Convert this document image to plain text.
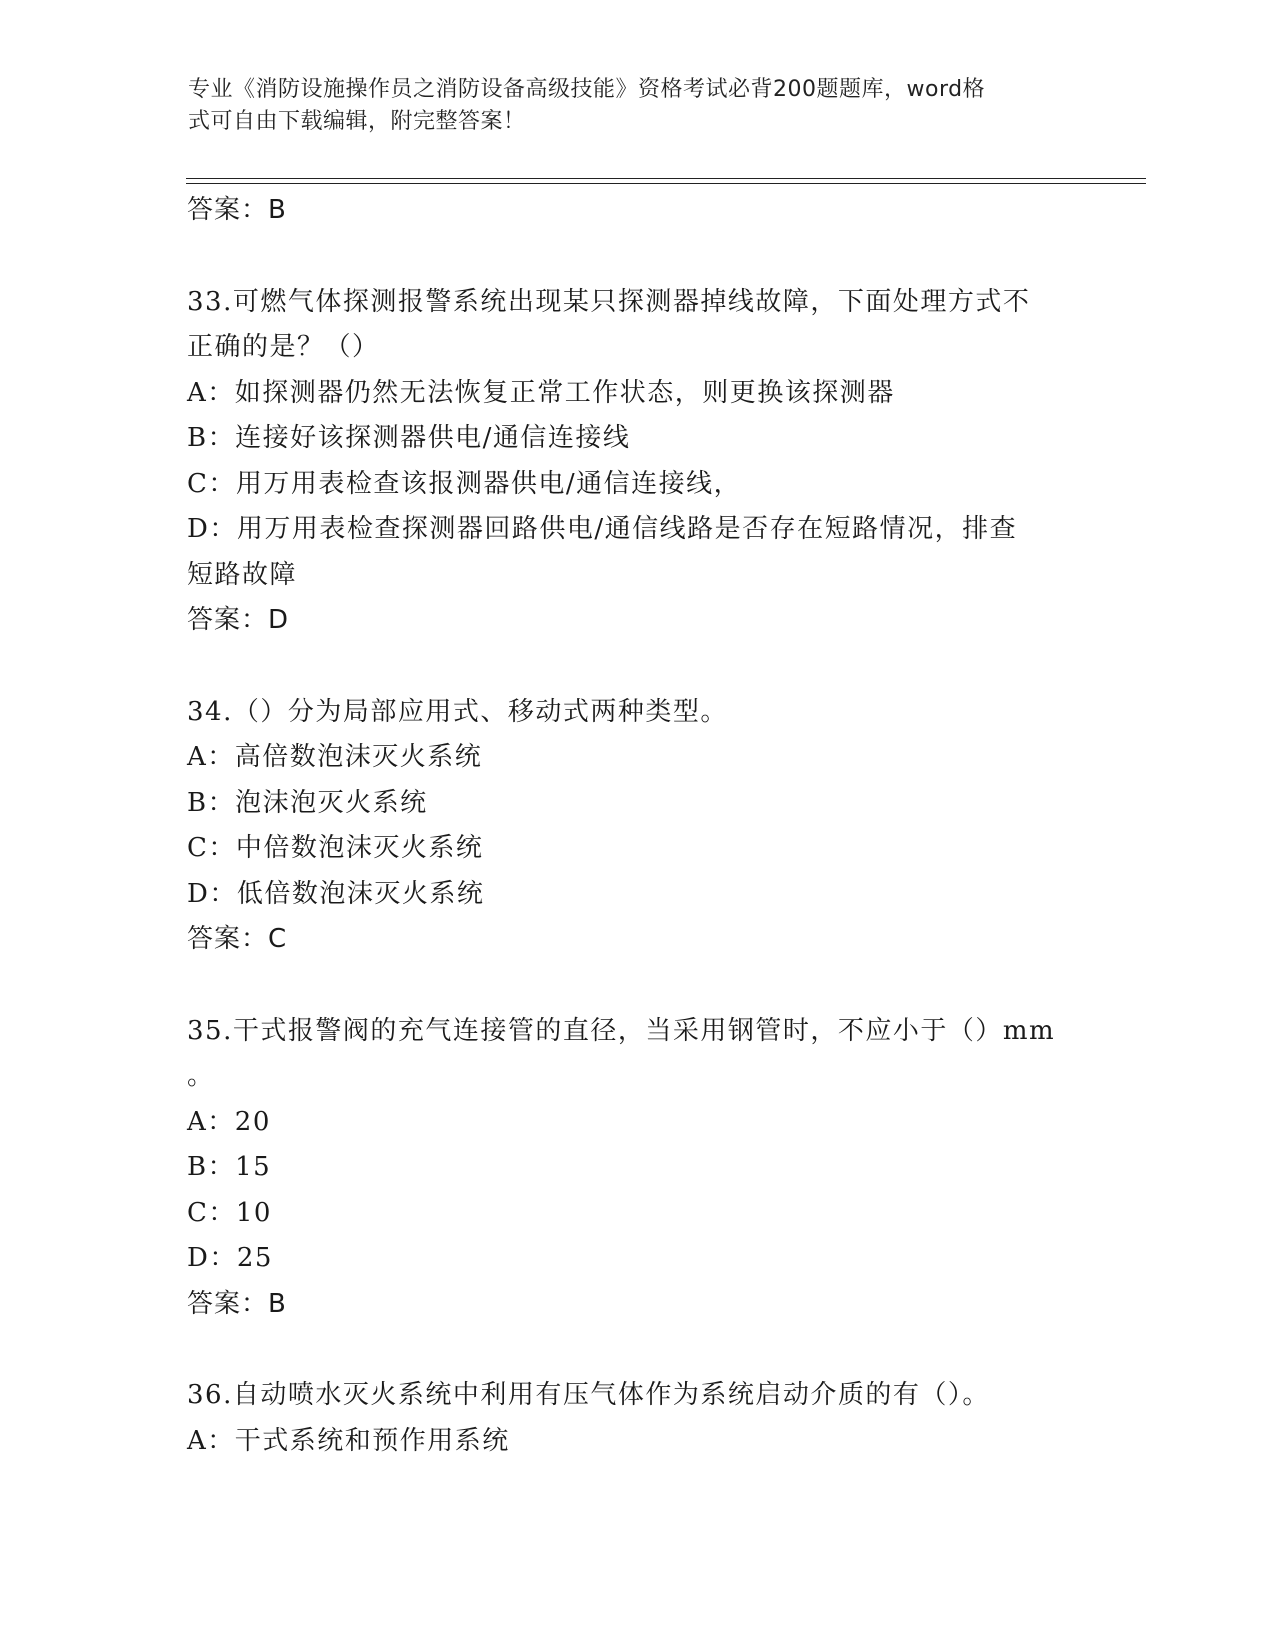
专业《消防设施操作员之消防设备高级技能》资格考试必背200题题库，word格
式可自由下载编辑，附完整答案！
答案：B
33.可燃气体探测报警系统出现某只探测器掉线故障，下面处理方式不
正确的是？（）
A：如探测器仍然无法恢复正常工作状态，则更换该探测器
B：连接好该探测器供电/通信连接线
C：用万用表检查该报测器供电/通信连接线，
D：用万用表检查探测器回路供电/通信线路是否存在短路情况，排查
短路故障
答案：D
34.（）分为局部应用式、移动式两种类型。
A：高倍数泡沫灭火系统
B：泡沫泡灭火系统
C：中倍数泡沫灭火系统
D：低倍数泡沫灭火系统
答案：C
35.干式报警阀的充气连接管的直径，当采用钢管时，不应小于（）mm
。
A：20
B：15
C：10
D：25
答案：B
36.自动喷水灭火系统中利用有压气体作为系统启动介质的有（）。
A：干式系统和预作用系统
